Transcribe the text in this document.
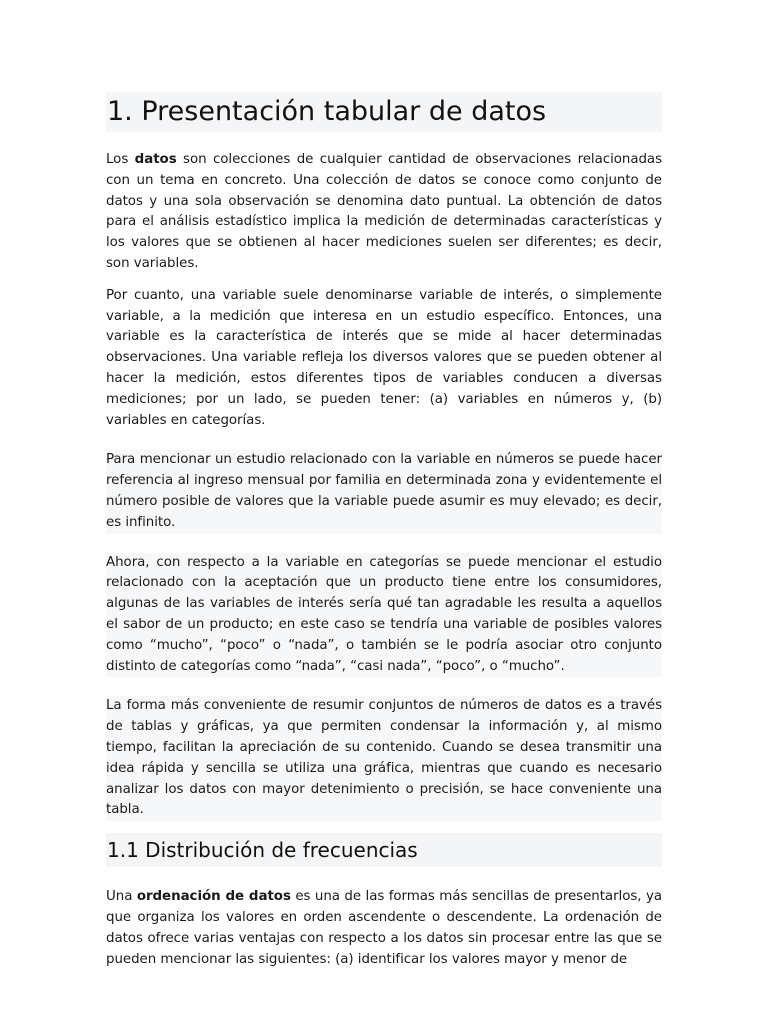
1. Presentación tabular de datos

Los datos son colecciones de cualquier cantidad de observaciones relacionadas con un tema en concreto. Una colección de datos se conoce como conjunto de datos y una sola observación se denomina dato puntual. La obtención de datos para el análisis estadístico implica la medición de determinadas características y los valores que se obtienen al hacer mediciones suelen ser diferentes; es decir, son variables.

Por cuanto, una variable suele denominarse variable de interés, o simplemente variable, a la medición que interesa en un estudio específico. Entonces, una variable es la característica de interés que se mide al hacer determinadas observaciones. Una variable refleja los diversos valores que se pueden obtener al hacer la medición, estos diferentes tipos de variables conducen a diversas mediciones; por un lado, se pueden tener: (a) variables en números y, (b) variables en categorías.

Para mencionar un estudio relacionado con la variable en números se puede hacer referencia al ingreso mensual por familia en determinada zona y evidentemente el número posible de valores que la variable puede asumir es muy elevado; es decir, es infinito.

Ahora, con respecto a la variable en categorías se puede mencionar el estudio relacionado con la aceptación que un producto tiene entre los consumidores, algunas de las variables de interés sería qué tan agradable les resulta a aquellos el sabor de un producto; en este caso se tendría una variable de posibles valores como “mucho”, “poco” o “nada”, o también se le podría asociar otro conjunto distinto de categorías como “nada”, “casi nada”, “poco”, o “mucho”.

La forma más conveniente de resumir conjuntos de números de datos es a través de tablas y gráficas, ya que permiten condensar la información y, al mismo tiempo, facilitan la apreciación de su contenido. Cuando se desea transmitir una idea rápida y sencilla se utiliza una gráfica, mientras que cuando es necesario analizar los datos con mayor detenimiento o precisión, se hace conveniente una tabla.

1.1 Distribución de frecuencias

Una ordenación de datos es una de las formas más sencillas de presentarlos, ya que organiza los valores en orden ascendente o descendente. La ordenación de datos ofrece varias ventajas con respecto a los datos sin procesar entre las que se pueden mencionar las siguientes: (a) identificar los valores mayor y menor de
